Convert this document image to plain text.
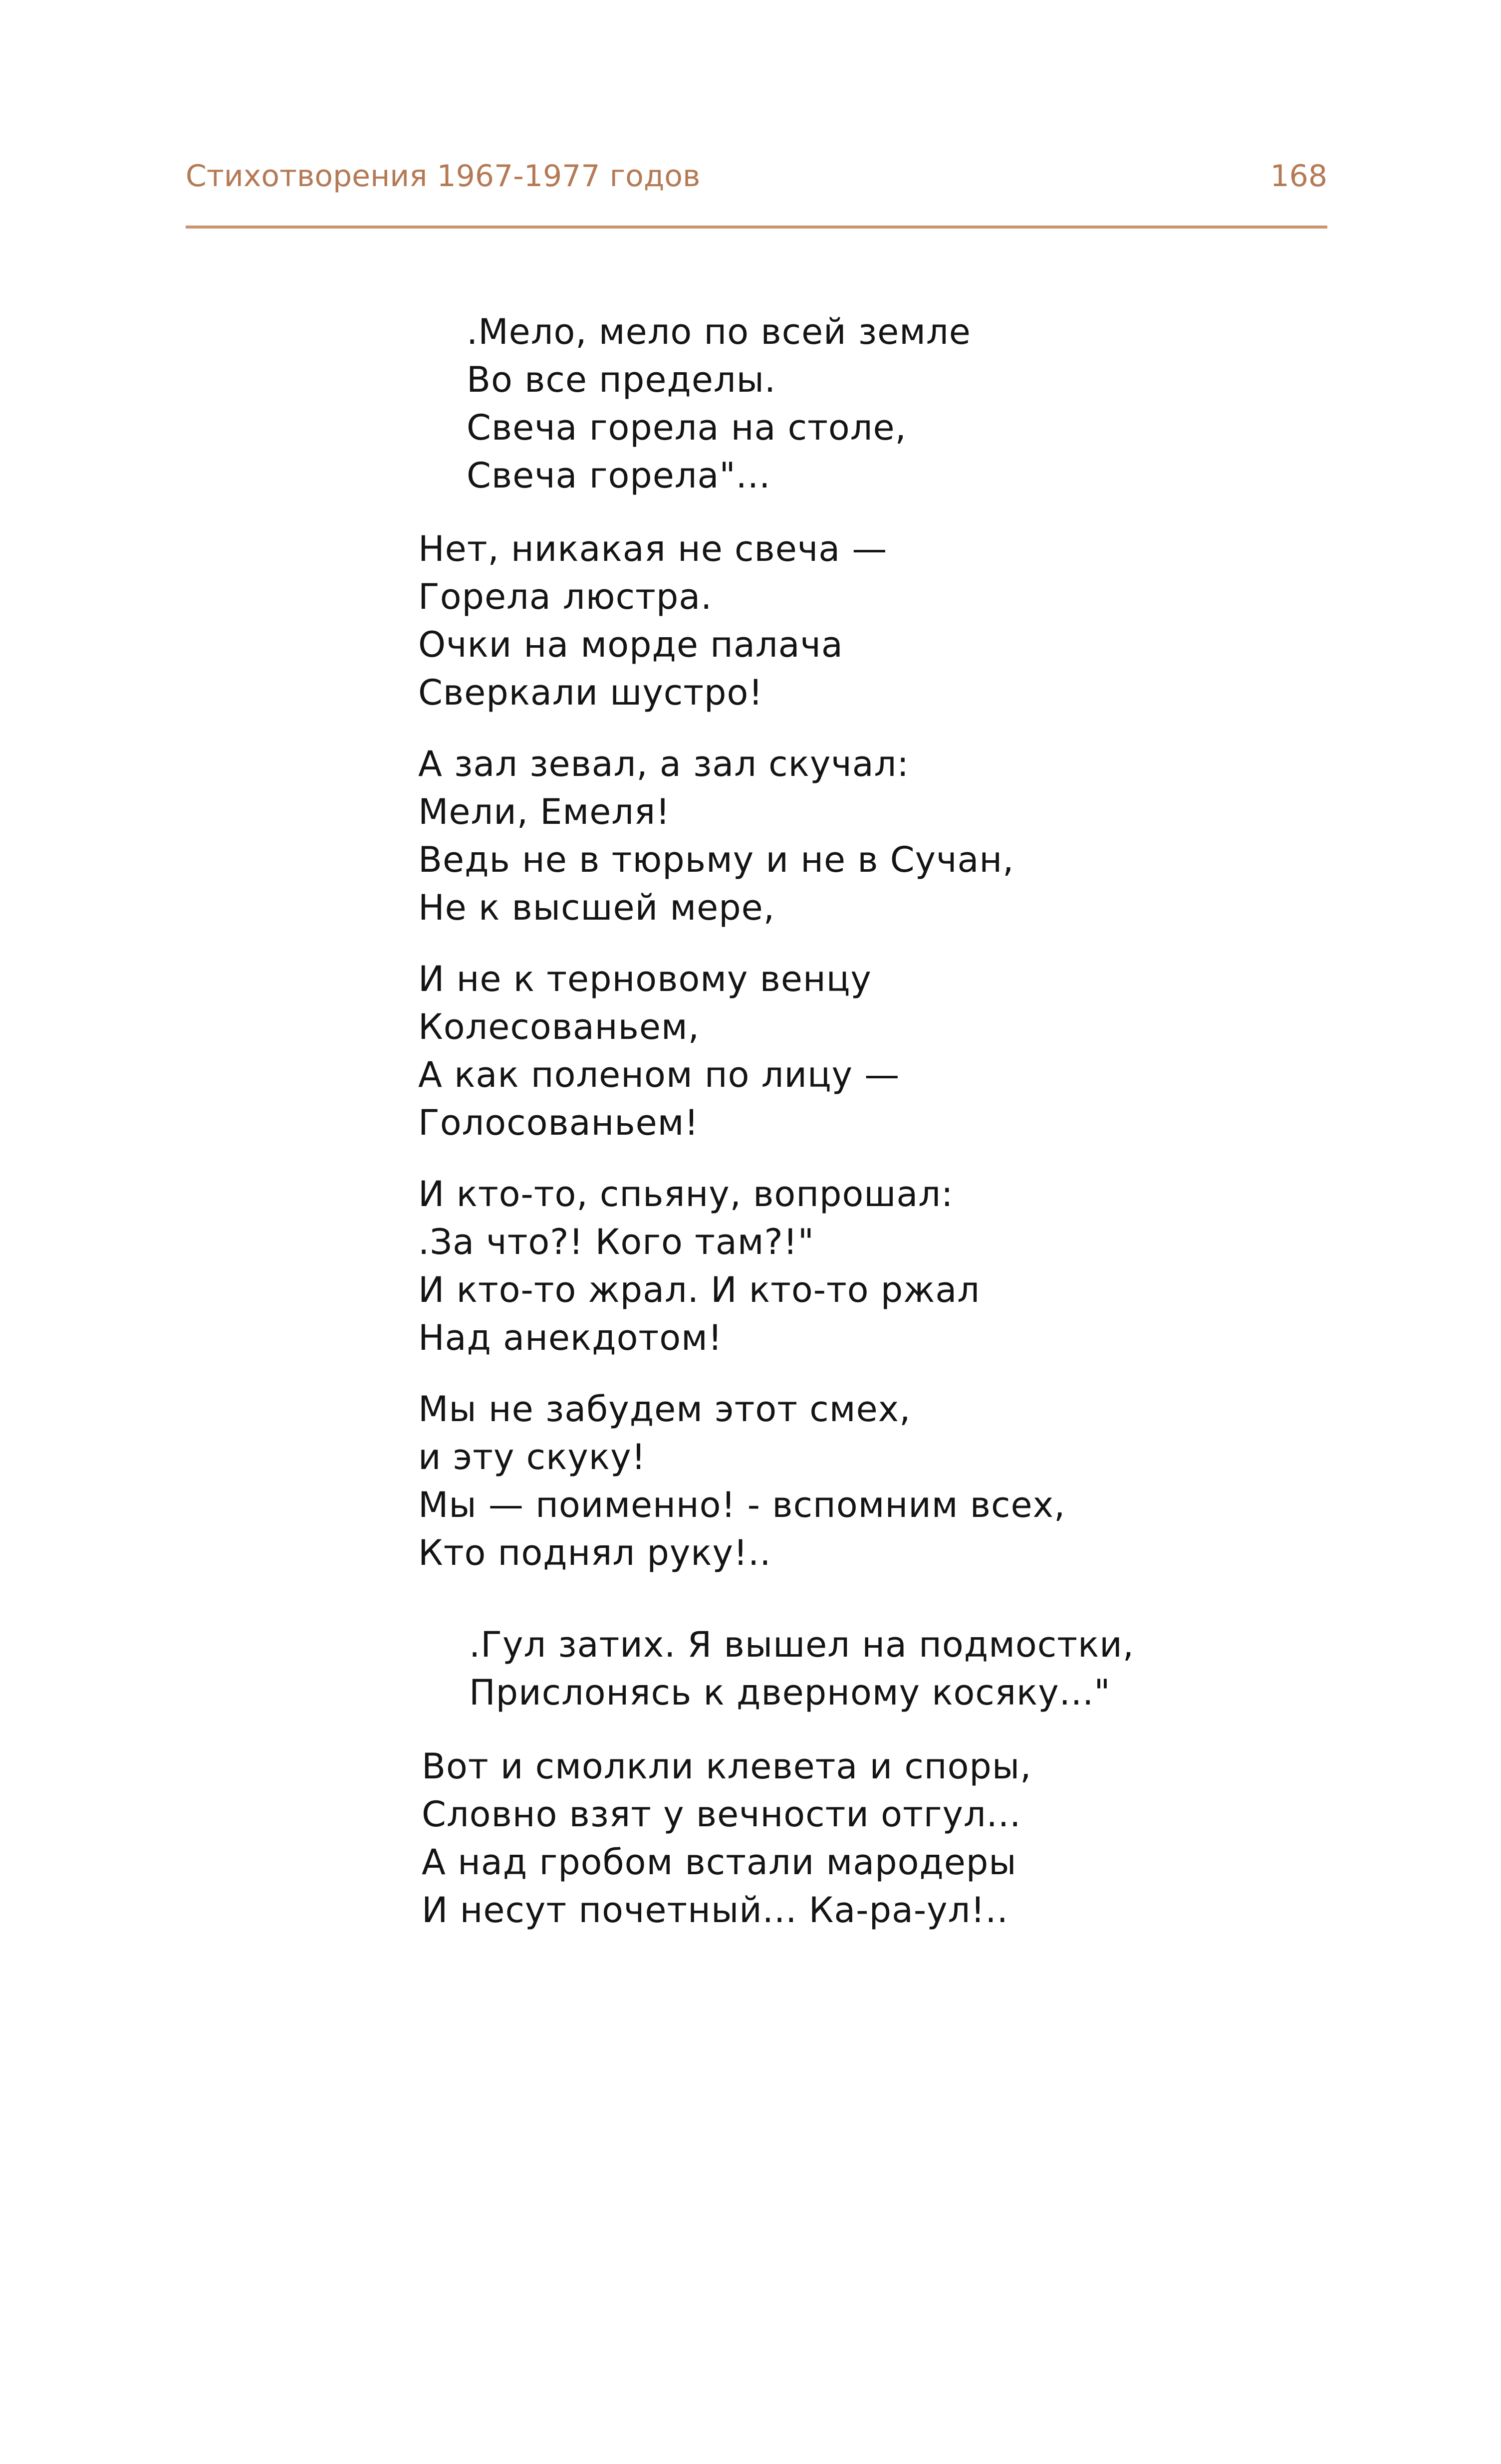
Стихотворения 1967-1977 годов	168
.Мело, мело по всей земле
Во все пределы.
Свеча горела на столе,
Свеча горела"...
Нет, никакая не свеча —
Горела люстра.
Очки на морде палача
Сверкали шустро!
А зал зевал, а зал скучал:
Мели, Емеля!
Ведь не в тюрьму и не в Сучан,
Не к высшей мере,
И не к терновому венцу
Колесованьем,
А как поленом по лицу —
Голосованьем!
И кто-то, спьяну, вопрошал:
.За что?! Кого там?!"
И кто-то жрал. И кто-то ржал
Над анекдотом!
Мы не забудем этот смех,
и эту скуку!
Мы — поименно! - вспомним всех,
Кто поднял руку!..
.Гул затих. Я вышел на подмостки,
Прислонясь к дверному косяку..."
Вот и смолкли клевета и споры,
Словно взят у вечности отгул...
А над гробом встали мародеры
И несут почетный... Ка-ра-ул!..
